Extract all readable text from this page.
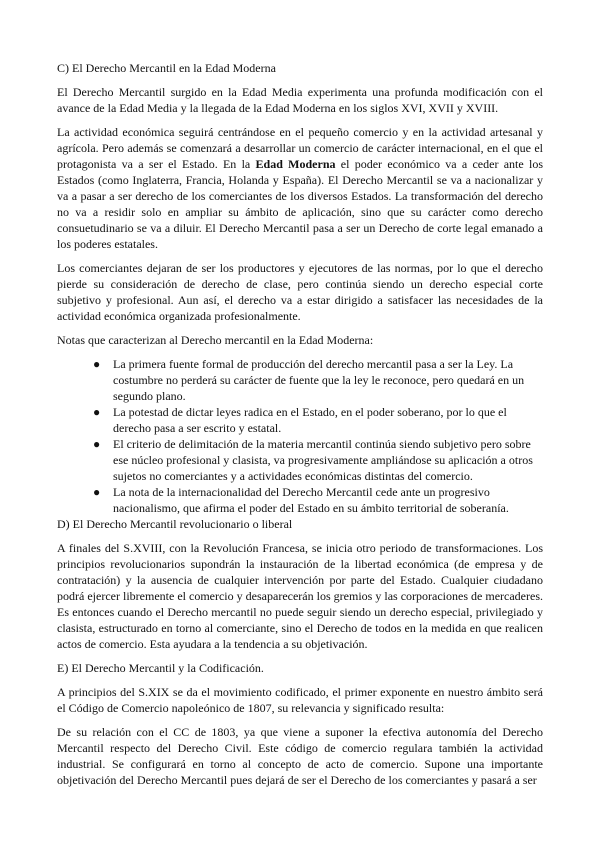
C) El Derecho Mercantil en la Edad Moderna

El Derecho Mercantil surgido en la Edad Media experimenta una profunda modificación con el avance de la Edad Media y la llegada de la Edad Moderna en los siglos XVI, XVII y XVIII.

La actividad económica seguirá centrándose en el pequeño comercio y en la actividad artesanal y agrícola. Pero además se comenzará a desarrollar un comercio de carácter internacional, en el que el protagonista va a ser el Estado. En la Edad Moderna el poder económico va a ceder ante los Estados (como Inglaterra, Francia, Holanda y España). El Derecho Mercantil se va a nacionalizar y va a pasar a ser derecho de los comerciantes de los diversos Estados. La transformación del derecho no va a residir solo en ampliar su ámbito de aplicación, sino que su carácter como derecho consuetudinario se va a diluir. El Derecho Mercantil pasa a ser un Derecho de corte legal emanado a los poderes estatales.

Los comerciantes dejaran de ser los productores y ejecutores de las normas, por lo que el derecho pierde su consideración de derecho de clase, pero continúa siendo un derecho especial corte subjetivo y profesional. Aun así, el derecho va a estar dirigido a satisfacer las necesidades de la actividad económica organizada profesionalmente.

Notas que caracterizan al Derecho mercantil en la Edad Moderna:

● La primera fuente formal de producción del derecho mercantil pasa a ser la Ley. La costumbre no perderá su carácter de fuente que la ley le reconoce, pero quedará en un segundo plano.
● La potestad de dictar leyes radica en el Estado, en el poder soberano, por lo que el derecho pasa a ser escrito y estatal.
● El criterio de delimitación de la materia mercantil continúa siendo subjetivo pero sobre ese núcleo profesional y clasista, va progresivamente ampliándose su aplicación a otros sujetos no comerciantes y a actividades económicas distintas del comercio.
● La nota de la internacionalidad del Derecho Mercantil cede ante un progresivo nacionalismo, que afirma el poder del Estado en su ámbito territorial de soberanía.

D) El Derecho Mercantil revolucionario o liberal

A finales del S.XVIII, con la Revolución Francesa, se inicia otro periodo de transformaciones. Los principios revolucionarios supondrán la instauración de la libertad económica (de empresa y de contratación) y la ausencia de cualquier intervención por parte del Estado. Cualquier ciudadano podrá ejercer libremente el comercio y desaparecerán los gremios y las corporaciones de mercaderes. Es entonces cuando el Derecho mercantil no puede seguir siendo un derecho especial, privilegiado y clasista, estructurado en torno al comerciante, sino el Derecho de todos en la medida en que realicen actos de comercio. Esta ayudara a la tendencia a su objetivación.

E) El Derecho Mercantil y la Codificación.

A principios del S.XIX se da el movimiento codificado, el primer exponente en nuestro ámbito será el Código de Comercio napoleónico de 1807, su relevancia y significado resulta:

De su relación con el CC de 1803, ya que viene a suponer la efectiva autonomía del Derecho Mercantil respecto del Derecho Civil. Este código de comercio regulara también la actividad industrial. Se configurará en torno al concepto de acto de comercio. Supone una importante objetivación del Derecho Mercantil pues dejará de ser el Derecho de los comerciantes y pasará a ser
